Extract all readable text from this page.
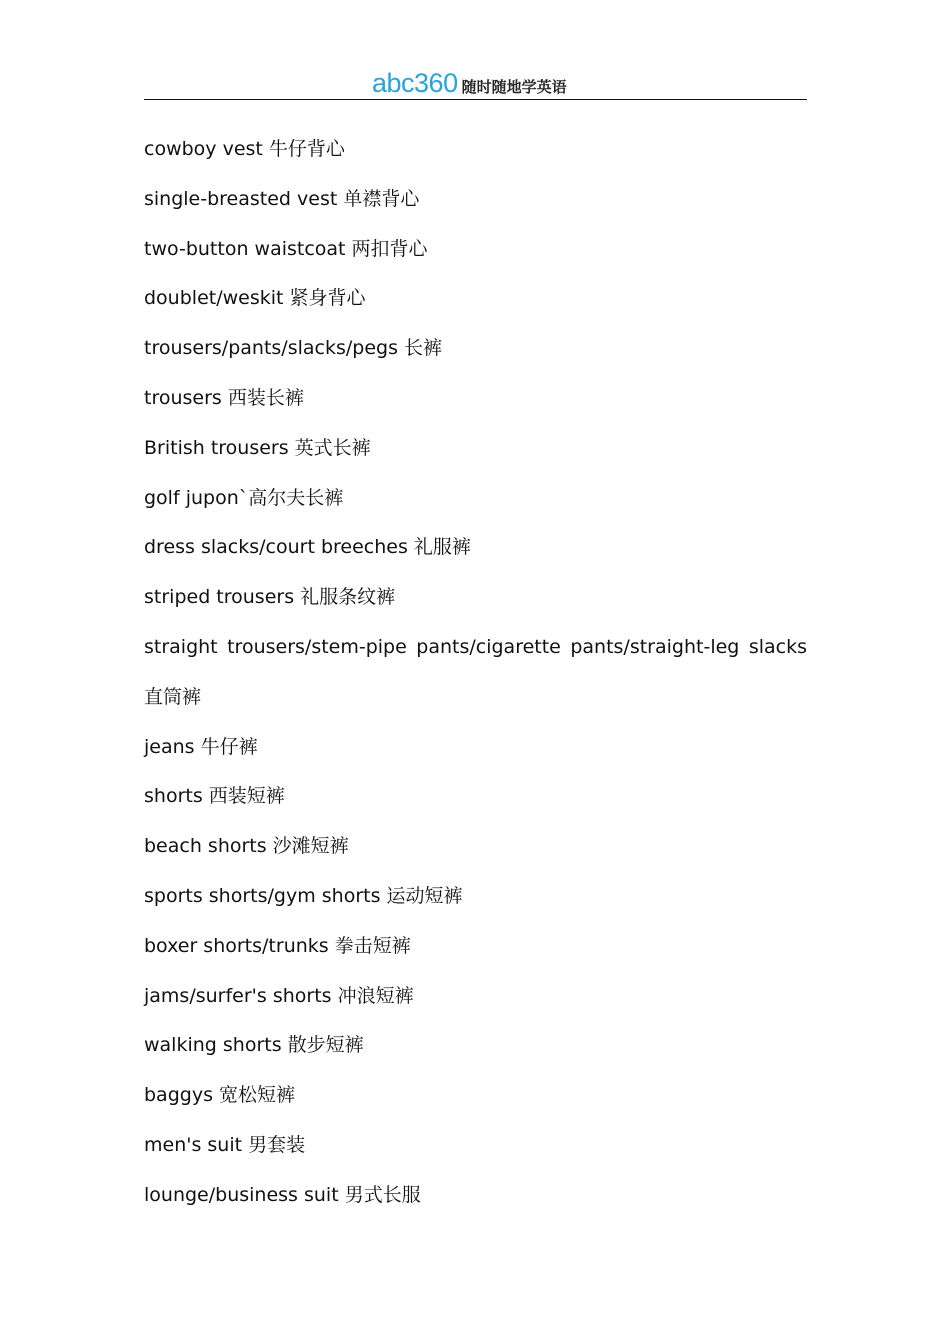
abc360 随时随地学英语

cowboy vest 牛仔背心

single-breasted vest 单襟背心

two-button waistcoat 两扣背心

doublet/weskit 紧身背心

trousers/pants/slacks/pegs 长裤

trousers 西装长裤

British trousers 英式长裤

golf jupon`高尔夫长裤

dress slacks/court breeches 礼服裤

striped trousers 礼服条纹裤

straight trousers/stem-pipe pants/cigarette pants/straight-leg slacks 直筒裤

jeans 牛仔裤

shorts 西装短裤

beach shorts 沙滩短裤

sports shorts/gym shorts 运动短裤

boxer shorts/trunks 拳击短裤

jams/surfer's shorts 冲浪短裤

walking shorts 散步短裤

baggys 宽松短裤

men's suit 男套装

lounge/business suit 男式长服
